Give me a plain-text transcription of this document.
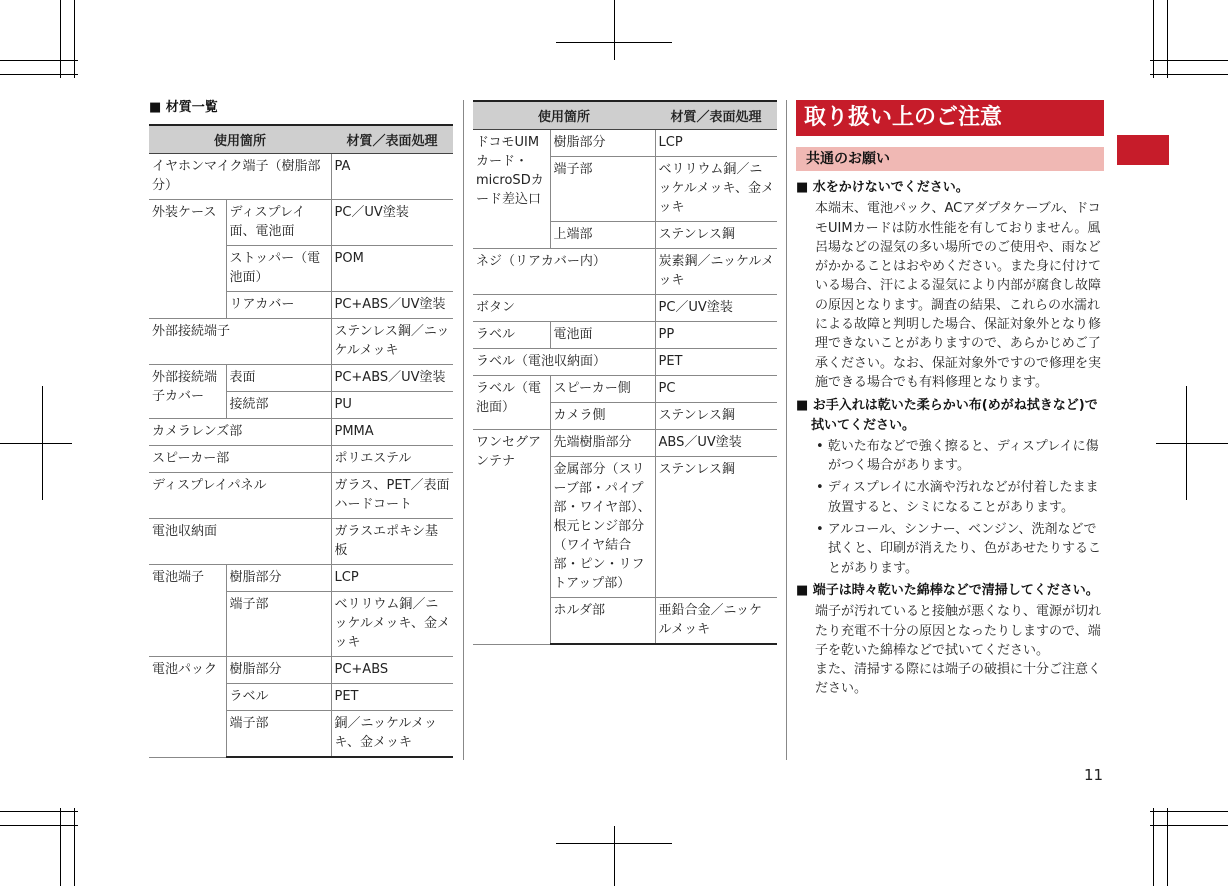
■ 材質一覧
使用箇所		材質／表面処理
イヤホンマイク端子（樹脂部分）		PA
外装ケース	ディスプレイ面、電池面	PC／UV塗装
	ストッパー（電池面）	POM
	リアカバー	PC+ABS／UV塗装
外部接続端子		ステンレス鋼／ニッケルメッキ
外部接続端子カバー	表面	PC+ABS／UV塗装
	接続部	PU
カメラレンズ部		PMMA
スピーカー部		ポリエステル
ディスプレイパネル		ガラス、PET／表面ハードコート
電池収納面		ガラスエポキシ基板
電池端子	樹脂部分	LCP
	端子部	ベリリウム銅／ニッケルメッキ、金メッキ
電池パック	樹脂部分	PC+ABS
	ラベル	PET
	端子部	銅／ニッケルメッキ、金メッキ
使用箇所		材質／表面処理
ドコモUIMカード・microSDカード差込口	樹脂部分	LCP
	端子部	ベリリウム銅／ニッケルメッキ、金メッキ
	上端部	ステンレス鋼
ネジ（リアカバー内）		炭素鋼／ニッケルメッキ
ボタン		PC／UV塗装
ラベル	電池面	PP
ラベル（電池収納面）		PET
ラベル（電池面）	スピーカー側	PC
	カメラ側	ステンレス鋼
ワンセグアンテナ	先端樹脂部分	ABS／UV塗装
	金属部分（スリーブ部・パイプ部・ワイヤ部）、根元ヒンジ部分（ワイヤ結合部・ピン・リフトアップ部）	ステンレス鋼
	ホルダ部	亜鉛合金／ニッケルメッキ
取り扱い上のご注意
共通のお願い
■ 水をかけないでください。
本端末、電池パック、ACアダプタケーブル、ドコモUIMカードは防水性能を有しておりません。風呂場などの湿気の多い場所でのご使用や、雨などがかかることはおやめください。また身に付けている場合、汗による湿気により内部が腐食し故障の原因となります。調査の結果、これらの水濡れによる故障と判明した場合、保証対象外となり修理できないことがありますので、あらかじめご了承ください。なお、保証対象外ですので修理を実施できる場合でも有料修理となります。
■ お手入れは乾いた柔らかい布(めがね拭きなど)で拭いてください。
• 乾いた布などで強く擦ると、ディスプレイに傷がつく場合があります。
• ディスプレイに水滴や汚れなどが付着したまま放置すると、シミになることがあります。
• アルコール、シンナー、ベンジン、洗剤などで拭くと、印刷が消えたり、色があせたりすることがあります。
■ 端子は時々乾いた綿棒などで清掃してください。
端子が汚れていると接触が悪くなり、電源が切れたり充電不十分の原因となったりしますので、端子を乾いた綿棒などで拭いてください。
また、清掃する際には端子の破損に十分ご注意ください。
11
